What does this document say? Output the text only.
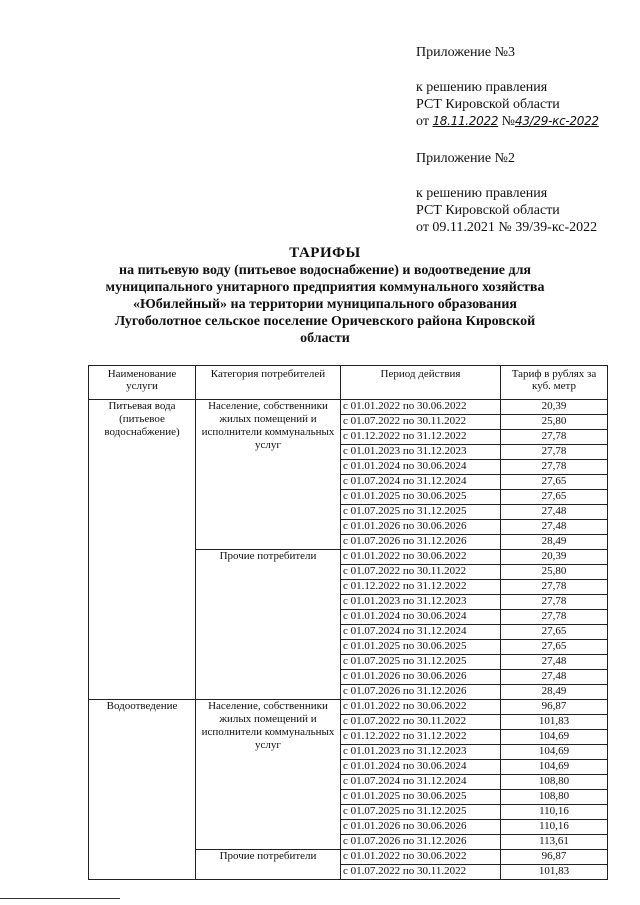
Приложение №3
к решению правления
РСТ Кировской области
от 18.11.2022 №43/29-кс-2022
Приложение №2
к решению правления
РСТ Кировской области
от 09.11.2021 № 39/39-кс-2022
ТАРИФЫ
на питьевую воду (питьевое водоснабжение) и водоотведение для
муниципального унитарного предприятия коммунального хозяйства
«Юбилейный» на территории муниципального образования
Лугоболотное сельское поселение Оричевского района Кировской
области
Наименование услуги	Категория потребителей	Период действия	Тариф в рублях за куб. метр
Питьевая вода (питьевое водоснабжение)	Население, собственники жилых помещений и исполнители коммунальных услуг	с 01.01.2022 по 30.06.2022	20,39
		с 01.07.2022 по 30.11.2022	25,80
		с 01.12.2022 по 31.12.2022	27,78
		с 01.01.2023 по 31.12.2023	27,78
		с 01.01.2024 по 30.06.2024	27,78
		с 01.07.2024 по 31.12.2024	27,65
		с 01.01.2025 по 30.06.2025	27,65
		с 01.07.2025 по 31.12.2025	27,48
		с 01.01.2026 по 30.06.2026	27,48
		с 01.07.2026 по 31.12.2026	28,49
	Прочие потребители	с 01.01.2022 по 30.06.2022	20,39
		с 01.07.2022 по 30.11.2022	25,80
		с 01.12.2022 по 31.12.2022	27,78
		с 01.01.2023 по 31.12.2023	27,78
		с 01.01.2024 по 30.06.2024	27,78
		с 01.07.2024 по 31.12.2024	27,65
		с 01.01.2025 по 30.06.2025	27,65
		с 01.07.2025 по 31.12.2025	27,48
		с 01.01.2026 по 30.06.2026	27,48
		с 01.07.2026 по 31.12.2026	28,49
Водоотведение	Население, собственники жилых помещений и исполнители коммунальных услуг	с 01.01.2022 по 30.06.2022	96,87
		с 01.07.2022 по 30.11.2022	101,83
		с 01.12.2022 по 31.12.2022	104,69
		с 01.01.2023 по 31.12.2023	104,69
		с 01.01.2024 по 30.06.2024	104,69
		с 01.07.2024 по 31.12.2024	108,80
		с 01.01.2025 по 30.06.2025	108,80
		с 01.07.2025 по 31.12.2025	110,16
		с 01.01.2026 по 30.06.2026	110,16
		с 01.07.2026 по 31.12.2026	113,61
	Прочие потребители	с 01.01.2022 по 30.06.2022	96,87
		с 01.07.2022 по 30.11.2022	101,83
